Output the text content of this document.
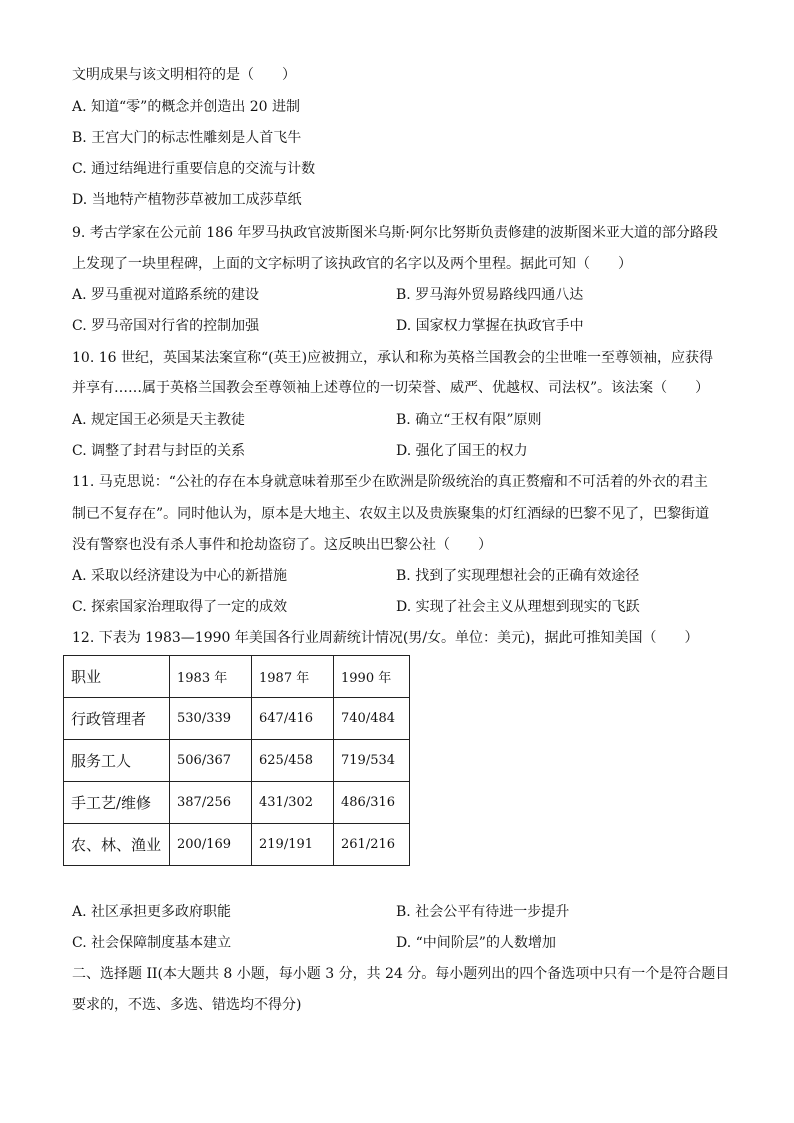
文明成果与该文明相符的是（　　）
A. 知道“零”的概念并创造出 20 进制
B. 王宫大门的标志性雕刻是人首飞牛
C. 通过结绳进行重要信息的交流与计数
D. 当地特产植物莎草被加工成莎草纸
9. 考古学家在公元前 186 年罗马执政官波斯图米乌斯·阿尔比努斯负责修建的波斯图米亚大道的部分路段
上发现了一块里程碑，上面的文字标明了该执政官的名字以及两个里程。据此可知（　　）
A. 罗马重视对道路系统的建设	B. 罗马海外贸易路线四通八达
C. 罗马帝国对行省的控制加强	D. 国家权力掌握在执政官手中
10. 16 世纪，英国某法案宣称“(英王)应被拥立，承认和称为英格兰国教会的尘世唯一至尊领袖，应获得
并享有……属于英格兰国教会至尊领袖上述尊位的一切荣誉、威严、优越权、司法权”。该法案（　　）
A. 规定国王必须是天主教徒	B. 确立“王权有限”原则
C. 调整了封君与封臣的关系	D. 强化了国王的权力
11. 马克思说：“公社的存在本身就意味着那至少在欧洲是阶级统治的真正赘瘤和不可活着的外衣的君主
制已不复存在”。同时他认为，原本是大地主、农奴主以及贵族聚集的灯红酒绿的巴黎不见了，巴黎街道
没有警察也没有杀人事件和抢劫盗窃了。这反映出巴黎公社（　　）
A. 采取以经济建设为中心的新措施	B. 找到了实现理想社会的正确有效途径
C. 探索国家治理取得了一定的成效	D. 实现了社会主义从理想到现实的飞跃
12. 下表为 1983—1990 年美国各行业周薪统计情况(男/女。单位：美元)，据此可推知美国（　　）
职业	1983 年	1987 年	1990 年
行政管理者	530/339	647/416	740/484
服务工人	506/367	625/458	719/534
手工艺/维修	387/256	431/302	486/316
农、林、渔业	200/169	219/191	261/216
A. 社区承担更多政府职能	B. 社会公平有待进一步提升
C. 社会保障制度基本建立	D. “中间阶层”的人数增加
二、选择题 II(本大题共 8 小题，每小题 3 分，共 24 分。每小题列出的四个备选项中只有一个是符合题目
要求的，不选、多选、错选均不得分)
